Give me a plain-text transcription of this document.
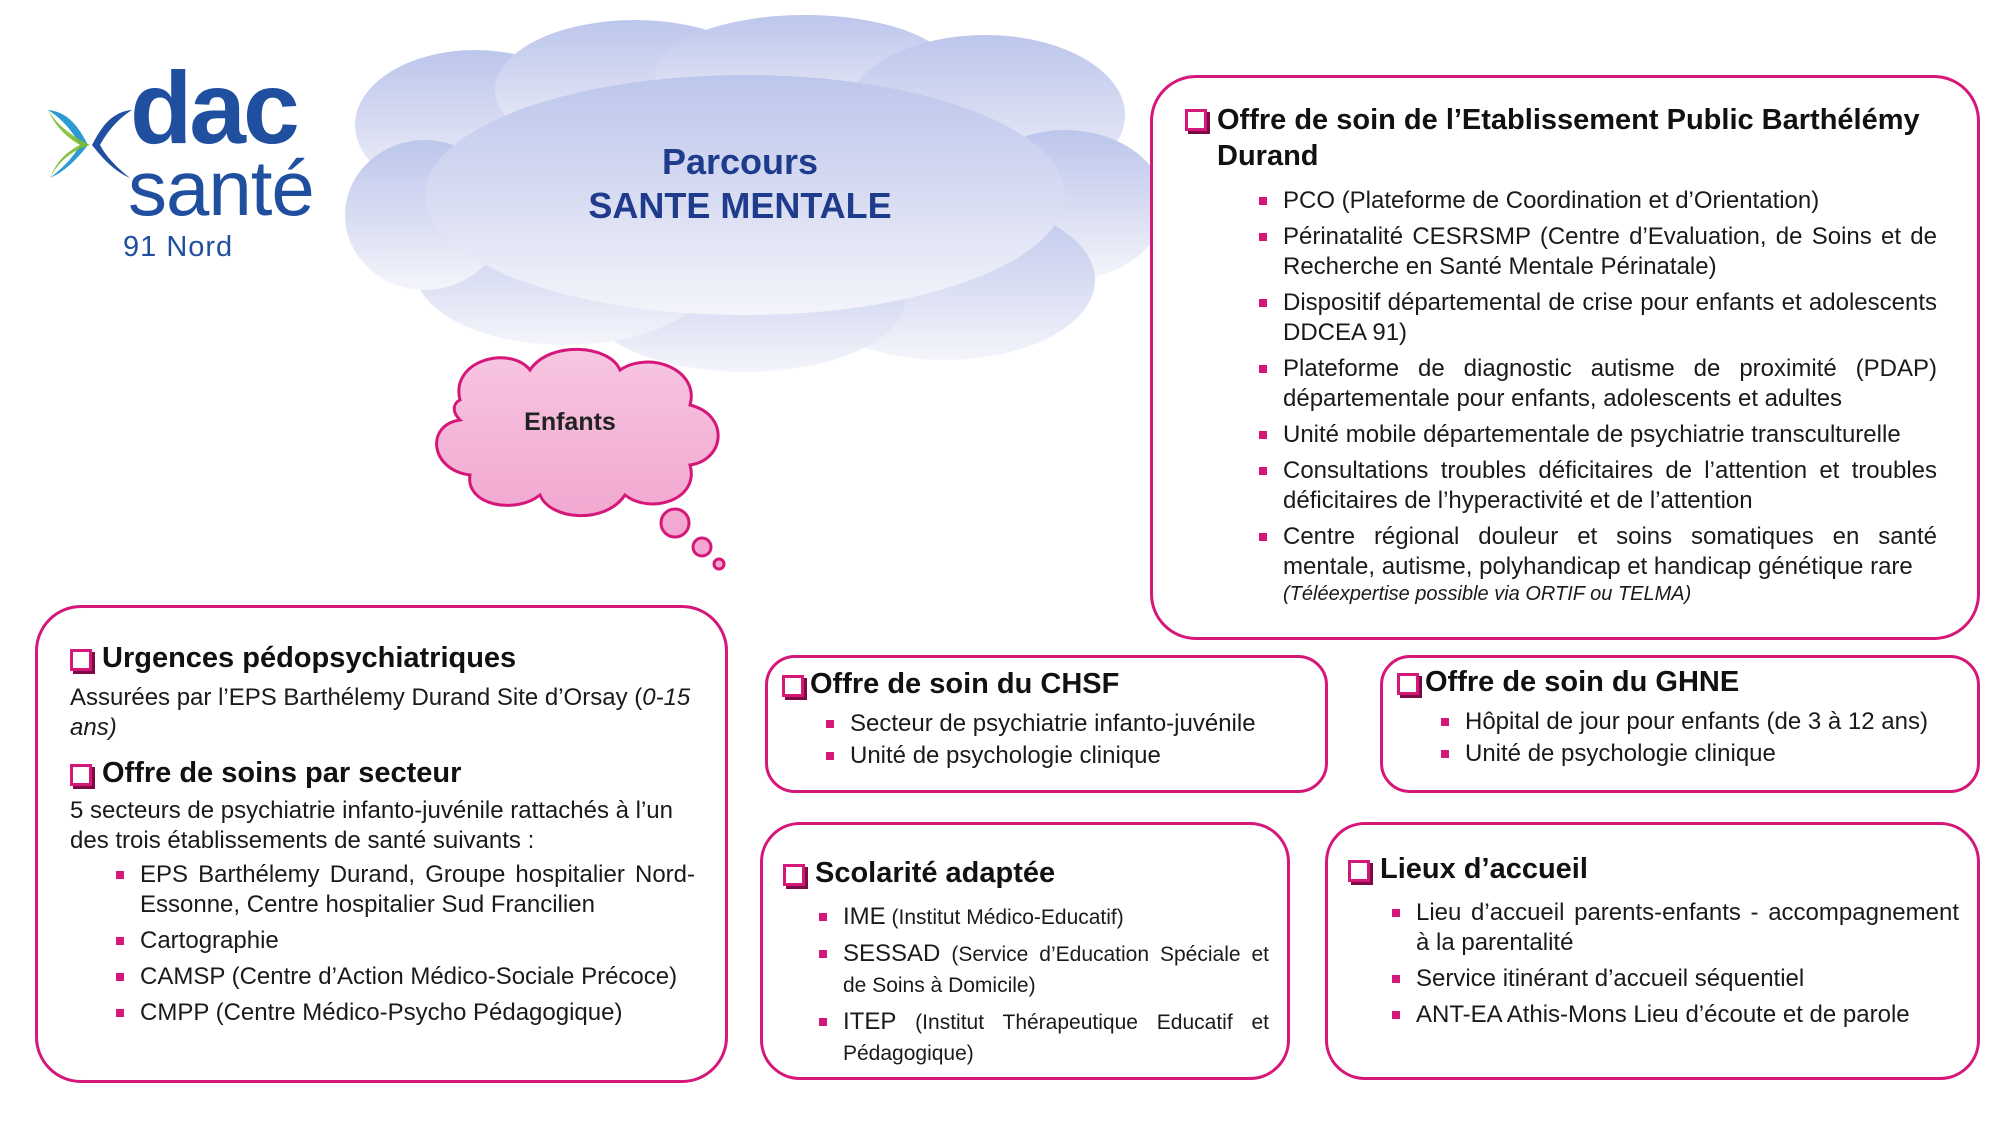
dac
santé
91 Nord
Parcours
SANTE MENTALE
Enfants
Offre de soin de l’Etablissement Public Barthélémy Durand
PCO (Plateforme de Coordination et d’Orientation)
Périnatalité CESRSMP (Centre d’Evaluation, de Soins et de Recherche en Santé Mentale Périnatale)
Dispositif départemental de crise pour enfants et adolescents DDCEA 91)
Plateforme de diagnostic autisme de proximité (PDAP) départementale pour enfants, adolescents et adultes
Unité mobile départementale de psychiatrie transculturelle
Consultations troubles déficitaires de l’attention et troubles déficitaires de l’hyperactivité et de l’attention
Centre régional douleur et soins somatiques en santé mentale, autisme, polyhandicap et handicap génétique rare
(Téléexpertise possible via ORTIF ou TELMA)
Urgences pédopsychiatriques
Assurées par l’EPS Barthélemy Durand Site d’Orsay (0-15 ans)
Offre de soins par secteur
5 secteurs de psychiatrie infanto-juvénile rattachés à l’un des trois établissements de santé suivants :
EPS Barthélemy Durand, Groupe hospitalier Nord-Essonne, Centre hospitalier Sud Francilien
Cartographie
CAMSP (Centre d’Action Médico-Sociale Précoce)
CMPP (Centre Médico-Psycho Pédagogique)
Offre de soin du CHSF
Secteur de psychiatrie infanto-juvénile
Unité de psychologie clinique
Offre de soin du GHNE
Hôpital de jour pour enfants (de 3 à 12 ans)
Unité de psychologie clinique
Scolarité adaptée
IME (Institut Médico-Educatif)
SESSAD (Service d’Education Spéciale et de Soins à Domicile)
ITEP (Institut Thérapeutique Educatif et Pédagogique)
Lieux d’accueil
Lieu d’accueil parents-enfants - accompagnement à la parentalité
Service itinérant d’accueil séquentiel
ANT-EA Athis-Mons Lieu d’écoute et de parole
